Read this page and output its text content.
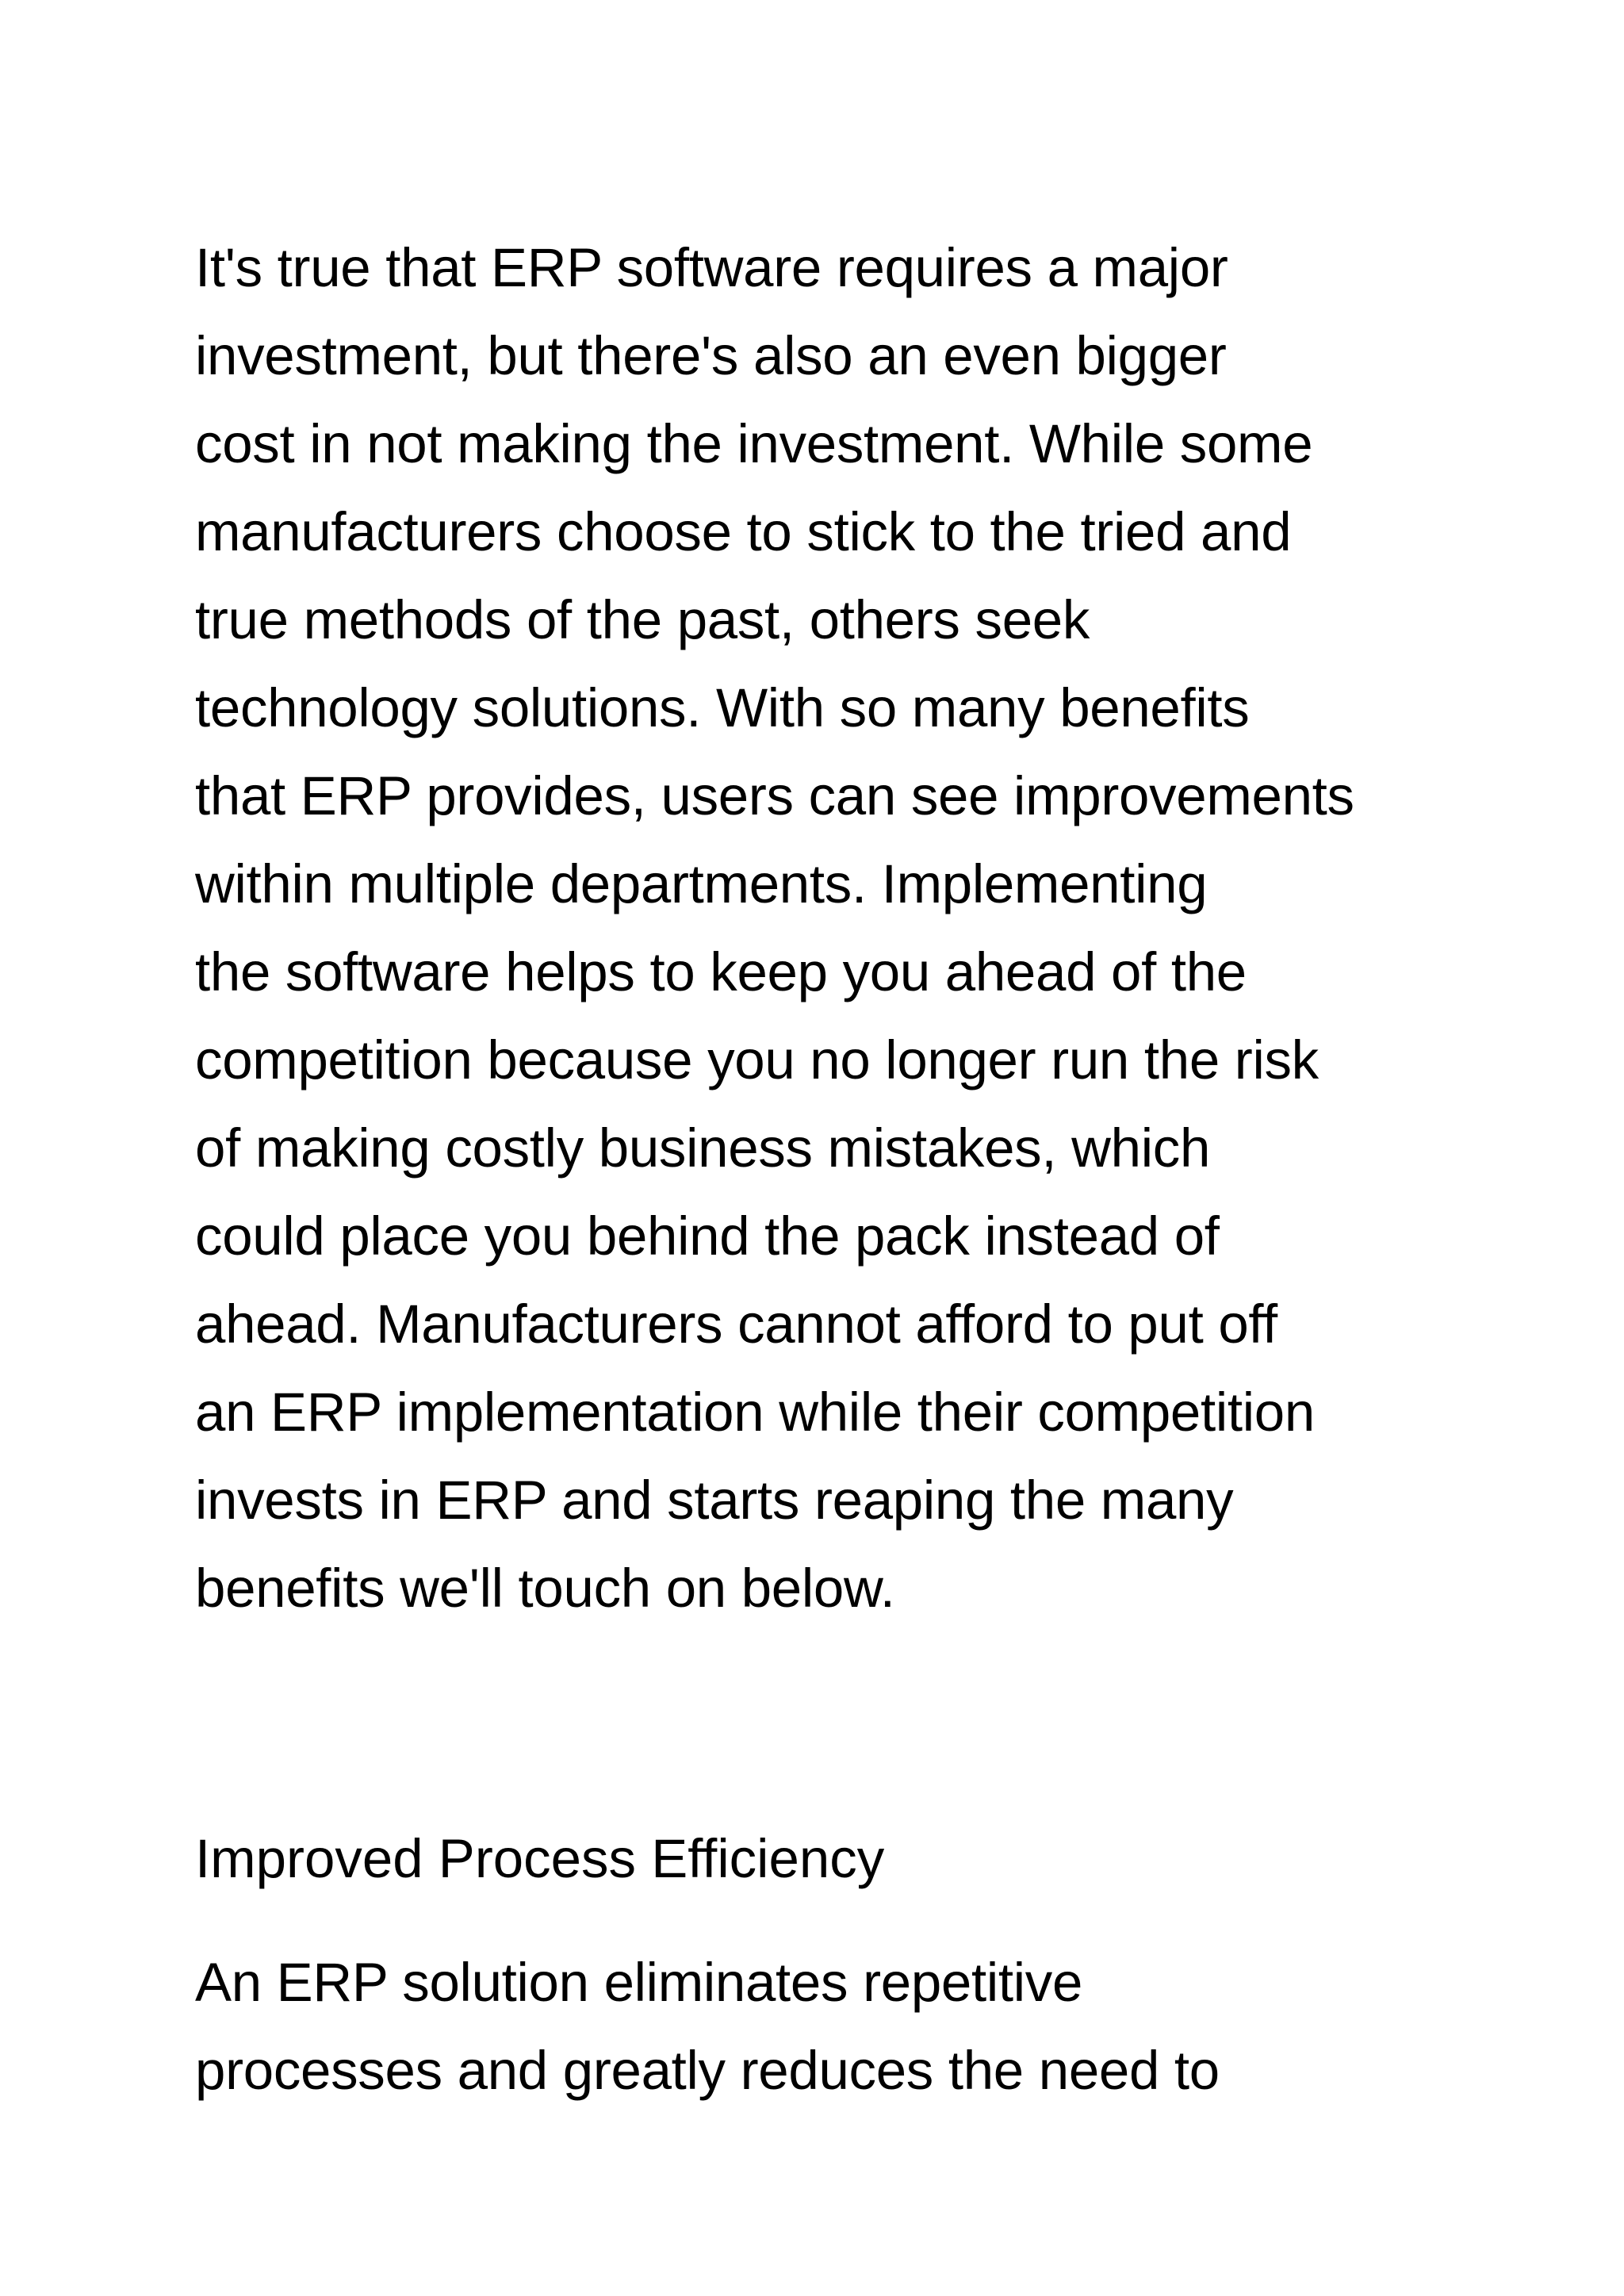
It's true that ERP software requires a major
investment, but there's also an even bigger
cost in not making the investment. While some
manufacturers choose to stick to the tried and
true methods of the past, others seek
technology solutions. With so many benefits
that ERP provides, users can see improvements
within multiple departments. Implementing
the software helps to keep you ahead of the
competition because you no longer run the risk
of making costly business mistakes, which
could place you behind the pack instead of
ahead. Manufacturers cannot afford to put off
an ERP implementation while their competition
invests in ERP and starts reaping the many
benefits we'll touch on below.
Improved Process Efficiency
An ERP solution eliminates repetitive
processes and greatly reduces the need to
